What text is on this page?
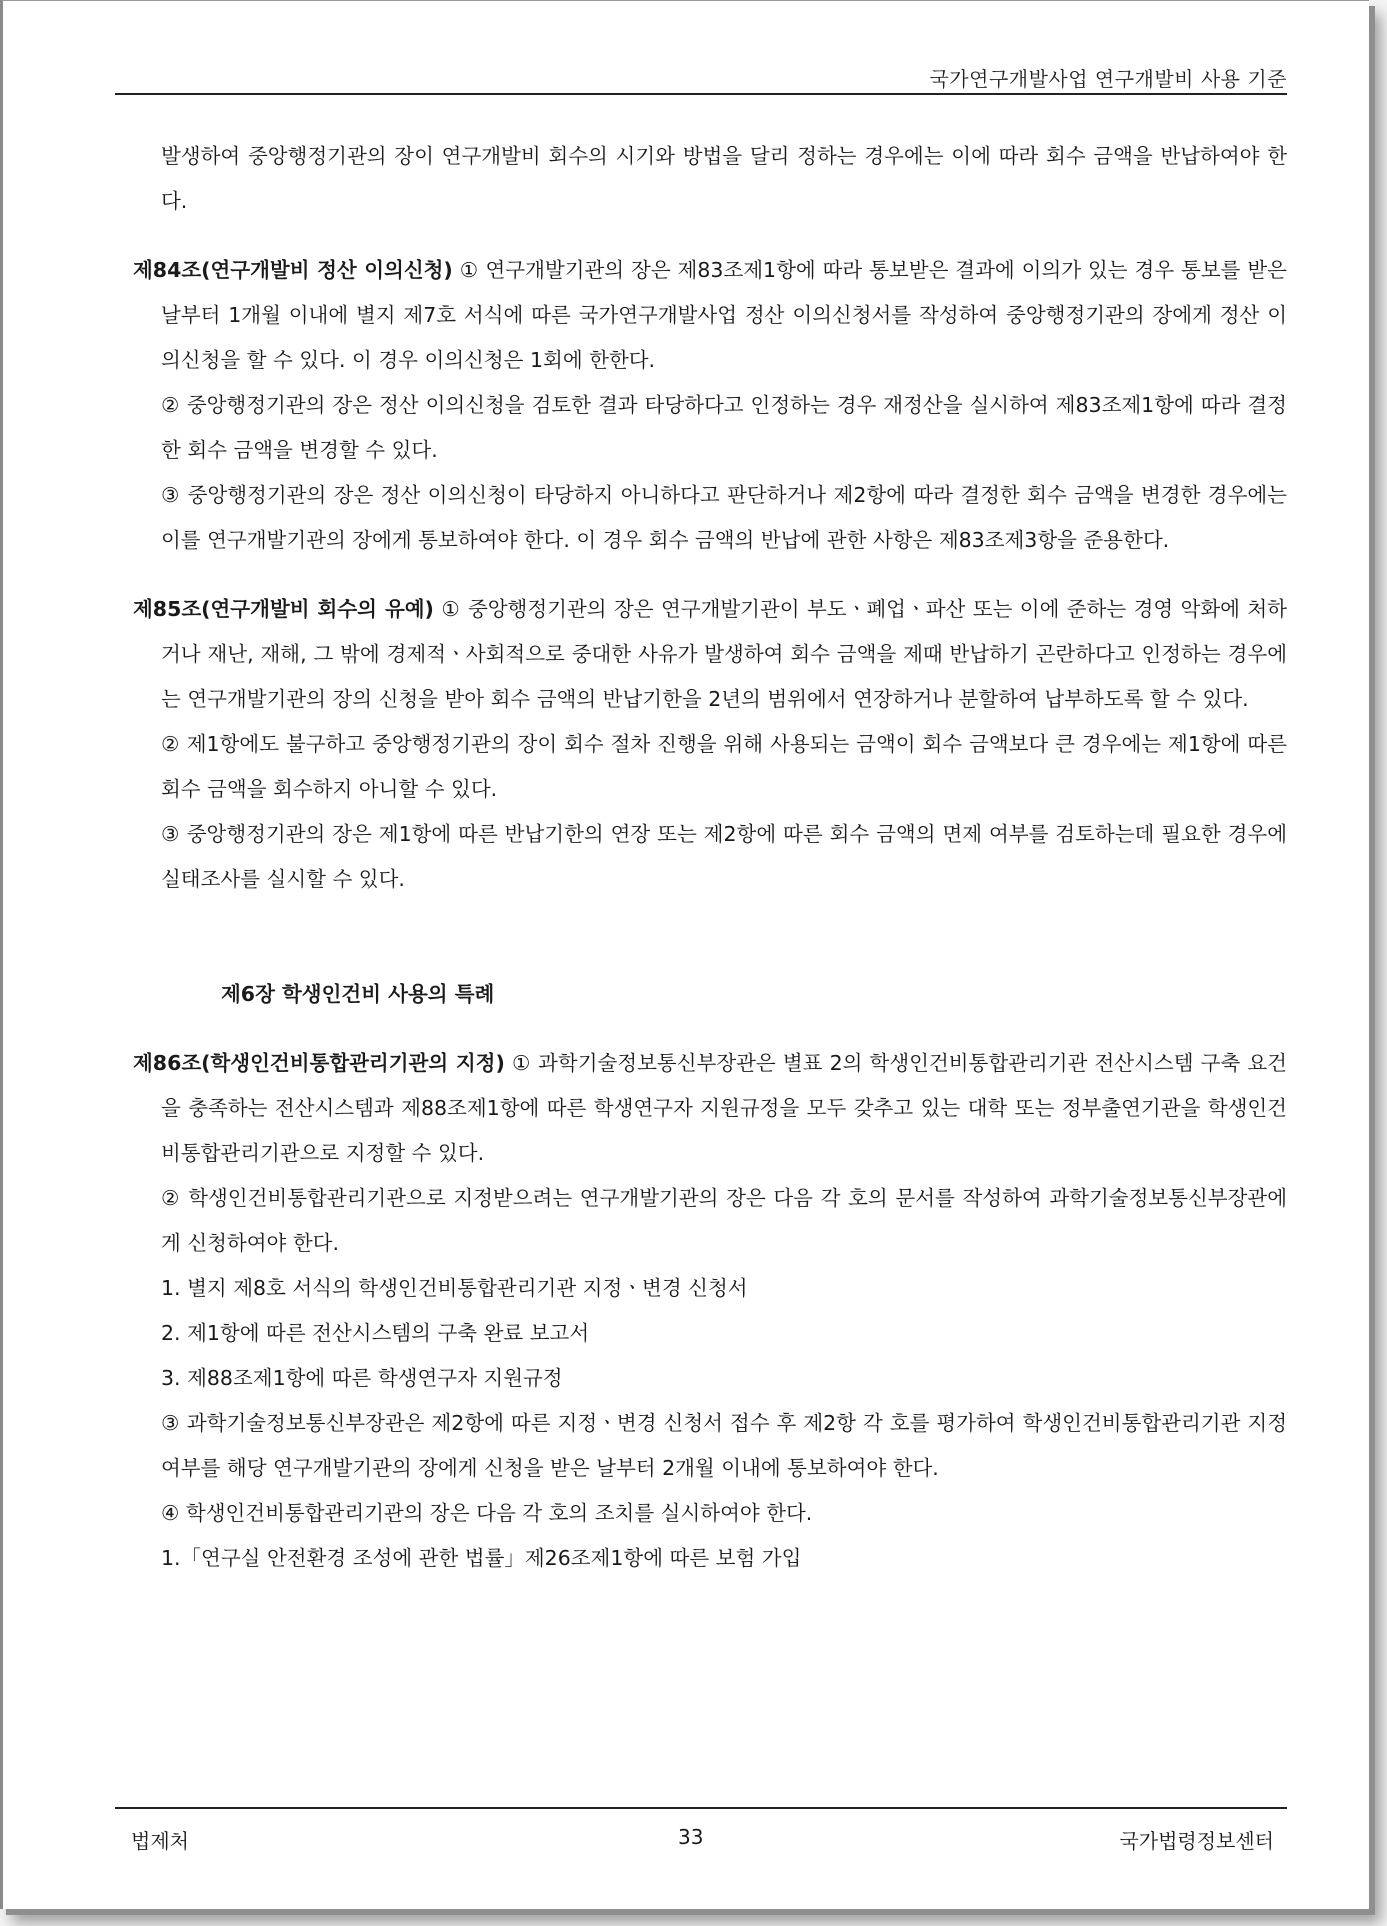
국가연구개발사업 연구개발비 사용 기준

발생하여 중앙행정기관의 장이 연구개발비 회수의 시기와 방법을 달리 정하는 경우에는 이에 따라 회수 금액을 반납하여야 한다.

제84조(연구개발비 정산 이의신청) ① 연구개발기관의 장은 제83조제1항에 따라 통보받은 결과에 이의가 있는 경우 통보를 받은 날부터 1개월 이내에 별지 제7호 서식에 따른 국가연구개발사업 정산 이의신청서를 작성하여 중앙행정기관의 장에게 정산 이의신청을 할 수 있다. 이 경우 이의신청은 1회에 한한다.

② 중앙행정기관의 장은 정산 이의신청을 검토한 결과 타당하다고 인정하는 경우 재정산을 실시하여 제83조제1항에 따라 결정한 회수 금액을 변경할 수 있다.

③ 중앙행정기관의 장은 정산 이의신청이 타당하지 아니하다고 판단하거나 제2항에 따라 결정한 회수 금액을 변경한 경우에는 이를 연구개발기관의 장에게 통보하여야 한다. 이 경우 회수 금액의 반납에 관한 사항은 제83조제3항을 준용한다.

제85조(연구개발비 회수의 유예) ① 중앙행정기관의 장은 연구개발기관이 부도ㆍ폐업ㆍ파산 또는 이에 준하는 경영 악화에 처하거나 재난, 재해, 그 밖에 경제적ㆍ사회적으로 중대한 사유가 발생하여 회수 금액을 제때 반납하기 곤란하다고 인정하는 경우에는 연구개발기관의 장의 신청을 받아 회수 금액의 반납기한을 2년의 범위에서 연장하거나 분할하여 납부하도록 할 수 있다.

② 제1항에도 불구하고 중앙행정기관의 장이 회수 절차 진행을 위해 사용되는 금액이 회수 금액보다 큰 경우에는 제1항에 따른 회수 금액을 회수하지 아니할 수 있다.

③ 중앙행정기관의 장은 제1항에 따른 반납기한의 연장 또는 제2항에 따른 회수 금액의 면제 여부를 검토하는데 필요한 경우에 실태조사를 실시할 수 있다.

제6장 학생인건비 사용의 특례

제86조(학생인건비통합관리기관의 지정) ① 과학기술정보통신부장관은 별표 2의 학생인건비통합관리기관 전산시스템 구축 요건을 충족하는 전산시스템과 제88조제1항에 따른 학생연구자 지원규정을 모두 갖추고 있는 대학 또는 정부출연기관을 학생인건비통합관리기관으로 지정할 수 있다.

② 학생인건비통합관리기관으로 지정받으려는 연구개발기관의 장은 다음 각 호의 문서를 작성하여 과학기술정보통신부장관에게 신청하여야 한다.

1. 별지 제8호 서식의 학생인건비통합관리기관 지정ㆍ변경 신청서

2. 제1항에 따른 전산시스템의 구축 완료 보고서

3. 제88조제1항에 따른 학생연구자 지원규정

③ 과학기술정보통신부장관은 제2항에 따른 지정ㆍ변경 신청서 접수 후 제2항 각 호를 평가하여 학생인건비통합관리기관 지정 여부를 해당 연구개발기관의 장에게 신청을 받은 날부터 2개월 이내에 통보하여야 한다.

④ 학생인건비통합관리기관의 장은 다음 각 호의 조치를 실시하여야 한다.

1.「연구실 안전환경 조성에 관한 법률」제26조제1항에 따른 보험 가입

법제처	33	국가법령정보센터
